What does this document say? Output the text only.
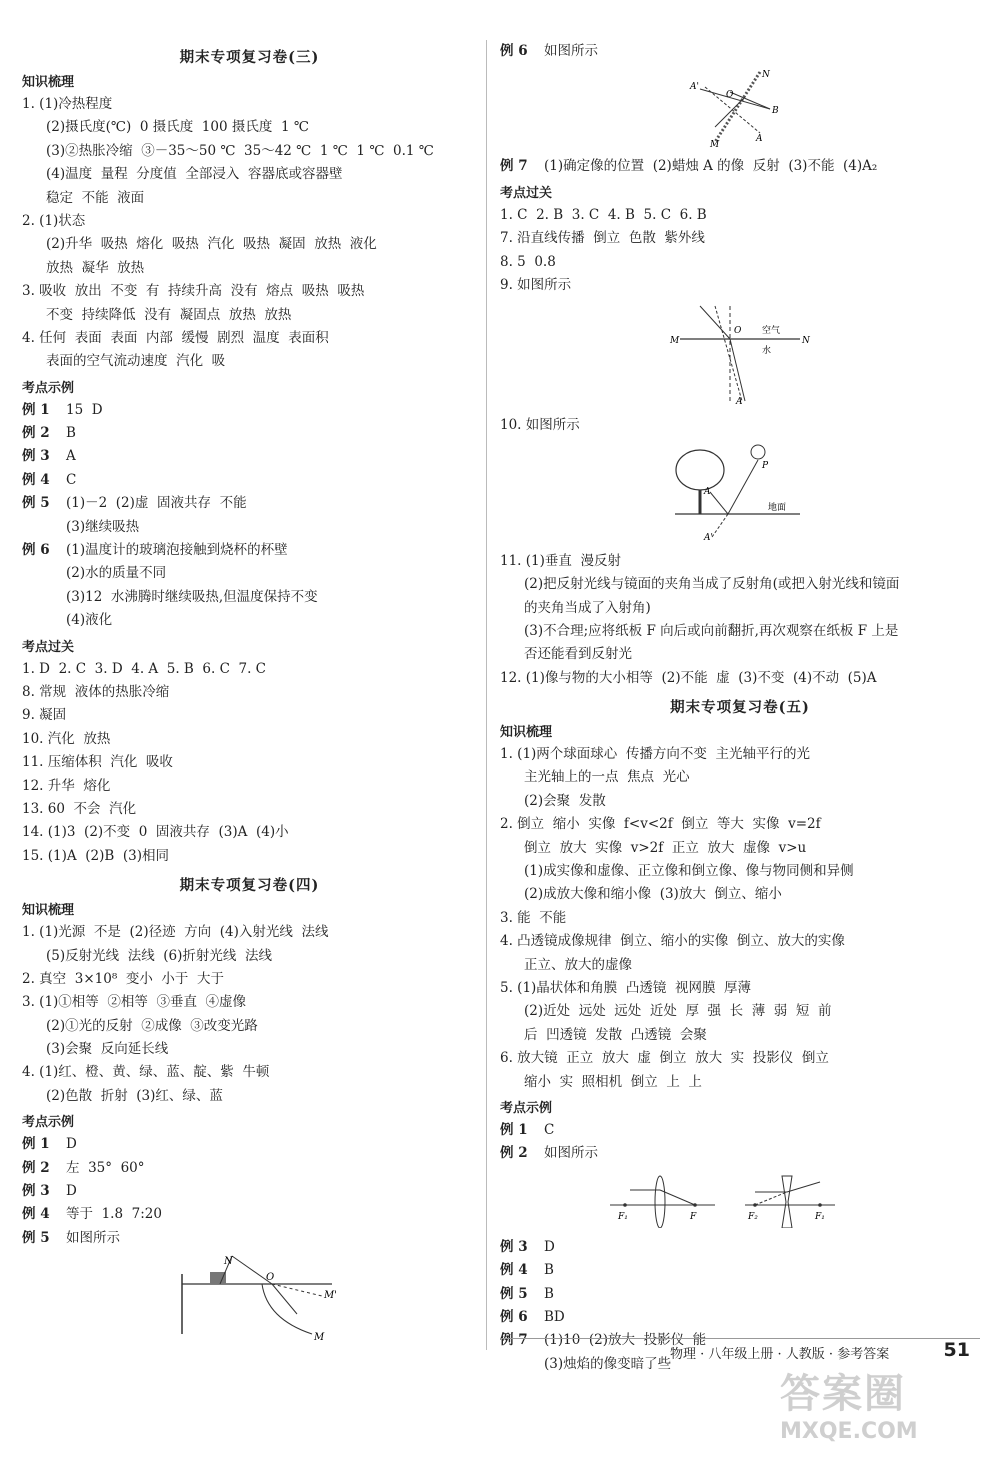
期末专项复习卷(三)
知识梳理
1. (1)冷热程度
(2)摄氏度(℃)  0 摄氏度  100 摄氏度  1 ℃
(3)②热胀冷缩  ③－35～50 ℃  35～42 ℃  1 ℃  1 ℃  0.1 ℃
(4)温度  量程  分度值  全部浸入  容器底或容器壁
稳定  不能  液面
2. (1)状态
(2)升华  吸热  熔化  吸热  汽化  吸热  凝固  放热  液化
放热  凝华  放热
3. 吸收  放出  不变  有  持续升高  没有  熔点  吸热  吸热
不变  持续降低  没有  凝固点  放热  放热
4. 任何  表面  表面  内部  缓慢  剧烈  温度  表面积
表面的空气流动速度  汽化  吸
考点示例
例 1 15  D
例 2 B
例 3 A
例 4 C
例 5 (1)－2  (2)虚  固液共存  不能
(3)继续吸热
例 6 (1)温度计的玻璃泡接触到烧杯的杯壁
(2)水的质量不同
(3)12  水沸腾时继续吸热,但温度保持不变
(4)液化
考点过关
1. D  2. C  3. D  4. A  5. B  6. C  7. C
8. 常规  液体的热胀冷缩
9. 凝固
10. 汽化  放热
11. 压缩体积  汽化  吸收
12. 升华  熔化
13. 60  不会  汽化
14. (1)3  (2)不变  0  固液共存  (3)A  (4)小
15. (1)A  (2)B  (3)相同
期末专项复习卷(四)
知识梳理
1. (1)光源  不是  (2)径迹  方向  (4)入射光线  法线
(5)反射光线  法线  (6)折射光线  法线
2. 真空  3×10⁸  变小  小于  大于
3. (1)①相等  ②相等  ③垂直  ④虚像
(2)①光的反射  ②成像  ③改变光路
(3)会聚  反向延长线
4. (1)红、橙、黄、绿、蓝、靛、紫  牛顿
(2)色散  折射  (3)红、绿、蓝
考点示例
例 1 D
例 2 左  35°  60°
例 3 D
例 4 等于  1.8  7:20
例 5 如图所示
N
O
M'
M
例 6 如图所示
N
A'
O
B
A
M
例 7 (1)确定像的位置  (2)蜡烛 A 的像  反射  (3)不能  (4)A₂
考点过关
1. C  2. B  3. C  4. B  5. C  6. B
7. 沿直线传播  倒立  色散  紫外线
8. 5  0.8
9. 如图所示
M
O 空气
N
水
A
10. 如图所示
P
A
A'
地面
11. (1)垂直  漫反射
(2)把反射光线与镜面的夹角当成了反射角(或把入射光线和镜面
的夹角当成了入射角)
(3)不合理;应将纸板 F 向后或向前翻折,再次观察在纸板 F 上是
否还能看到反射光
12. (1)像与物的大小相等  (2)不能  虚  (3)不变  (4)不动  (5)A
期末专项复习卷(五)
知识梳理
1. (1)两个球面球心  传播方向不变  主光轴平行的光
主光轴上的一点  焦点  光心
(2)会聚  发散
2. 倒立  缩小  实像  f<v<2f  倒立  等大  实像  v=2f
倒立  放大  实像  v>2f  正立  放大  虚像  v>u
(1)成实像和虚像、正立像和倒立像、像与物同侧和异侧
(2)成放大像和缩小像  (3)放大  倒立、缩小
3. 能  不能
4. 凸透镜成像规律  倒立、缩小的实像  倒立、放大的实像
正立、放大的虚像
5. (1)晶状体和角膜  凸透镜  视网膜  厚薄
(2)近处  远处  远处  近处  厚  强  长  薄  弱  短  前
后  凹透镜  发散  凸透镜  会聚
6. 放大镜  正立  放大  虚  倒立  放大  实  投影仪  倒立
缩小  实  照相机  倒立  上  上
考点示例
例 1 C
例 2 如图所示
F₁	F	F₂	F₁
例 3 D
例 4 B
例 5 B
例 6 BD
例 7 (1)10  (2)放大  投影仪  能
(3)烛焰的像变暗了些
物理 · 八年级上册 · 人教版 · 参考答案	51
答案圈
MXQE.COM
